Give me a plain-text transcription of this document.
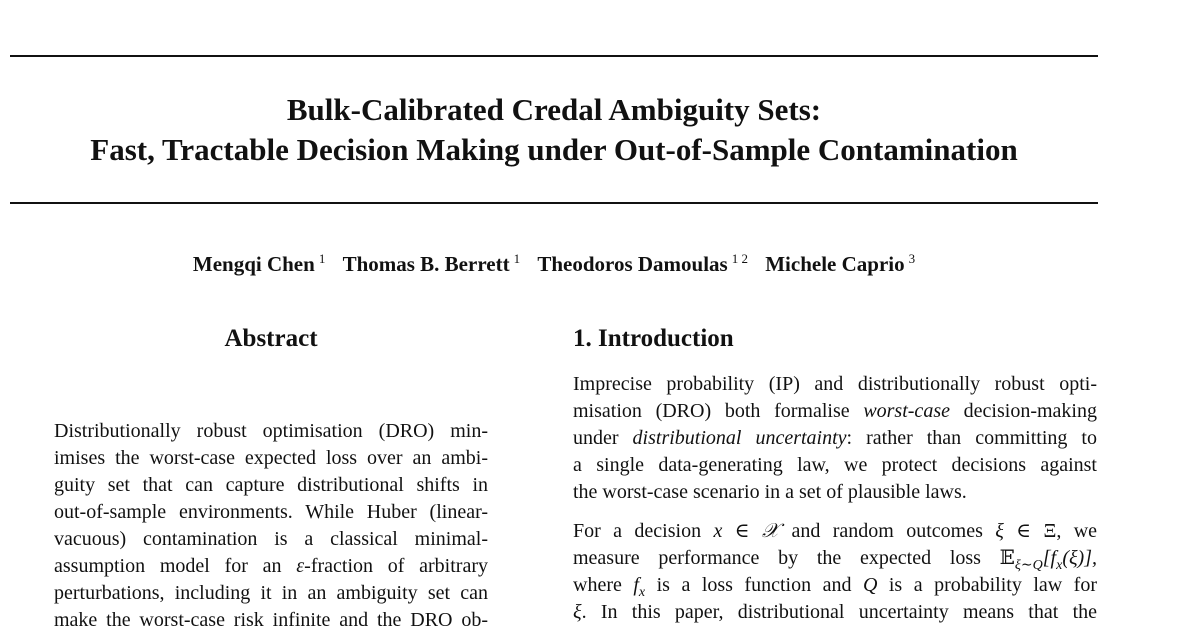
Bulk-Calibrated Credal Ambiguity Sets:
Fast, Tractable Decision Making under Out-of-Sample Contamination
Mengqi Chen $^1$ Thomas B. Berrett $^1$ Theodoros Damoulas $^{1 2}$ Michele Caprio $^3$
Abstract
Distributionally robust optimisation (DRO) min-
imises the worst-case expected loss over an ambi-
guity set that can capture distributional shifts in
out-of-sample environments. While Huber (linear-
vacuous) contamination is a classical minimal-
assumption model for an ε-fraction of arbitrary
perturbations, including it in an ambiguity set can
make the worst-case risk infinite and the DRO ob-
1. Introduction
Imprecise probability (IP) and distributionally robust opti-
misation (DRO) both formalise worst-case decision-making
under distributional uncertainty: rather than committing to
a single data-generating law, we protect decisions against
the worst-case scenario in a set of plausible laws.
For a decision x ∈ 𝒳 and random outcomes ξ ∈ Ξ, we
measure performance by the expected loss $𝔼_{\xi\sim Q}[f_x(\xi)]$,
where $f_x$ is a loss function and Q is a probability law for
ξ. In this paper, distributional uncertainty means that the
